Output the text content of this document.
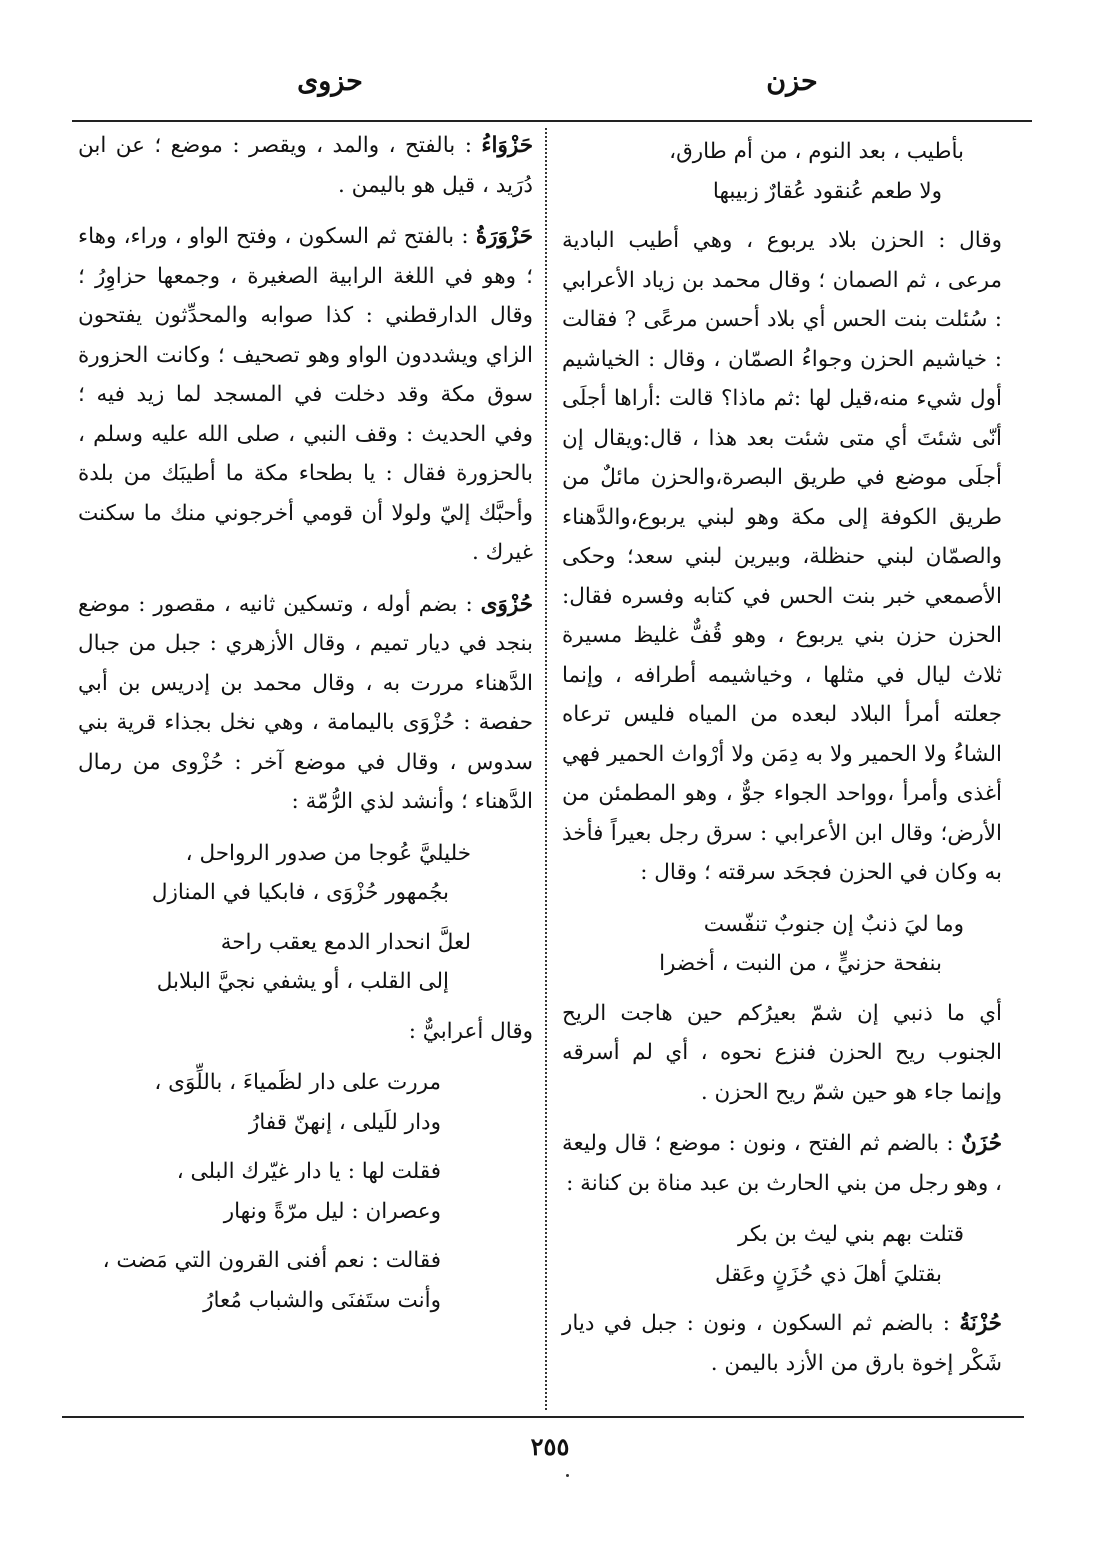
حزن
حزوى
بأطيب ، بعد النوم ، من أم طارق،
ولا طعم عُنقود عُقارٌ زبيبها

وقال : الحزن بلاد يربوع ، وهي أطيب البادية مرعى ، ثم الصمان ؛ وقال محمد بن زياد الأعرابي : سُئلت بنت الحس أي بلاد أحسن مرعًى ? فقالت : خياشيم الحزن وجواءُ الصمّان ، وقال : الخياشيم أول شيء منه،قيل لها :ثم ماذا؟ قالت :أراها أجلَى أنّى شئتَ أي متى شئت بعد هذا ، قال:ويقال إن أجلَى موضع في طريق البصرة،والحزن مائلٌ من طريق الكوفة إلى مكة وهو لبني يربوع،والدَّهناء والصمّان لبني حنظلة، وبيرين لبني سعد؛ وحكى الأصمعي خبر بنت الحس في كتابه وفسره فقال: الحزن حزن بني يربوع ، وهو قُفٌّ غليظ مسيرة ثلاث ليال في مثلها ، وخياشيمه أطرافه ، وإنما جعلته أمرأ البلاد لبعده من المياه فليس ترعاه الشاءُ ولا الحمير ولا به دِمَن ولا أرْواث الحمير فهي أغذى وأمرأ ،وواحد الجواء جوٌّ ، وهو المطمئن من الأرض؛ وقال ابن الأعرابي : سرق رجل بعيراً فأخذ به وكان في الحزن فجحَد سرقته ؛ وقال :

وما ليَ ذنبٌ إن جنوبٌ تنفّست
بنفحة حزنيٍّ ، من النبت ، أخضرا

أي ما ذنبي إن شمّ بعيرُكم حين هاجت الريح الجنوب ريح الحزن فنزع نحوه ، أي لم أسرقه وإنما جاء هو حين شمّ ريح الحزن .

حُزَنٌ : بالضم ثم الفتح ، ونون : موضع ؛ قال وليعة ، وهو رجل من بني الحارث بن عبد مناة بن كنانة :

قتلت بهم بني ليث بن بكر
بقتليَ أهلَ ذي حُزَنٍ وعَقل

حُزْنَةُ : بالضم ثم السكون ، ونون : جبل في ديار شَكْر إخوة بارق من الأزد باليمن .

حَزْوَاءُ : بالفتح ، والمد ، ويقصر : موضع ؛ عن ابن دُرَيد ، قيل هو باليمن .

حَزْوَرَةُ : بالفتح ثم السكون ، وفتح الواو ، وراء، وهاء ؛ وهو في اللغة الرابية الصغيرة ، وجمعها حزاوِرُ ؛ وقال الدارقطني : كذا صوابه والمحدِّثون يفتحون الزاي ويشددون الواو وهو تصحيف ؛ وكانت الحزورة سوق مكة وقد دخلت في المسجد لما زيد فيه ؛ وفي الحديث : وقف النبي ، صلى الله عليه وسلم ، بالحزورة فقال : يا بطحاء مكة ما أطيبَك من بلدة وأحبَّك إليّ ولولا أن قومي أخرجوني منك ما سكنت غيرك .

حُزْوَى : بضم أوله ، وتسكين ثانيه ، مقصور : موضع بنجد في ديار تميم ، وقال الأزهري : جبل من جبال الدَّهناء مررت به ، وقال محمد بن إدريس بن أبي حفصة : حُزْوَى باليمامة ، وهي نخل بجذاء قرية بني سدوس ، وقال في موضع آخر : حُزْوى من رمال الدَّهناء ؛ وأنشد لذي الرُّمّة :

خليليَّ عُوجا من صدور الرواحل ،
بجُمهور حُزْوَى ، فابكيا في المنازل
لعلَّ انحدار الدمع يعقب راحة
إلى القلب ، أو يشفي نجيَّ البلابل

وقال أعرابيٌّ :

مررت على دار لظَمياءَ ، باللِّوَى ،
ودار للَيلى ، إنهنّ قفارُ
فقلت لها : يا دار غيّرك البلى ،
وعصران : ليل مرّةً ونهار
فقالت : نعم أفنى القرون التي مَضت ،
وأنت ستَفنَى والشباب مُعارُ
٢٥٥
